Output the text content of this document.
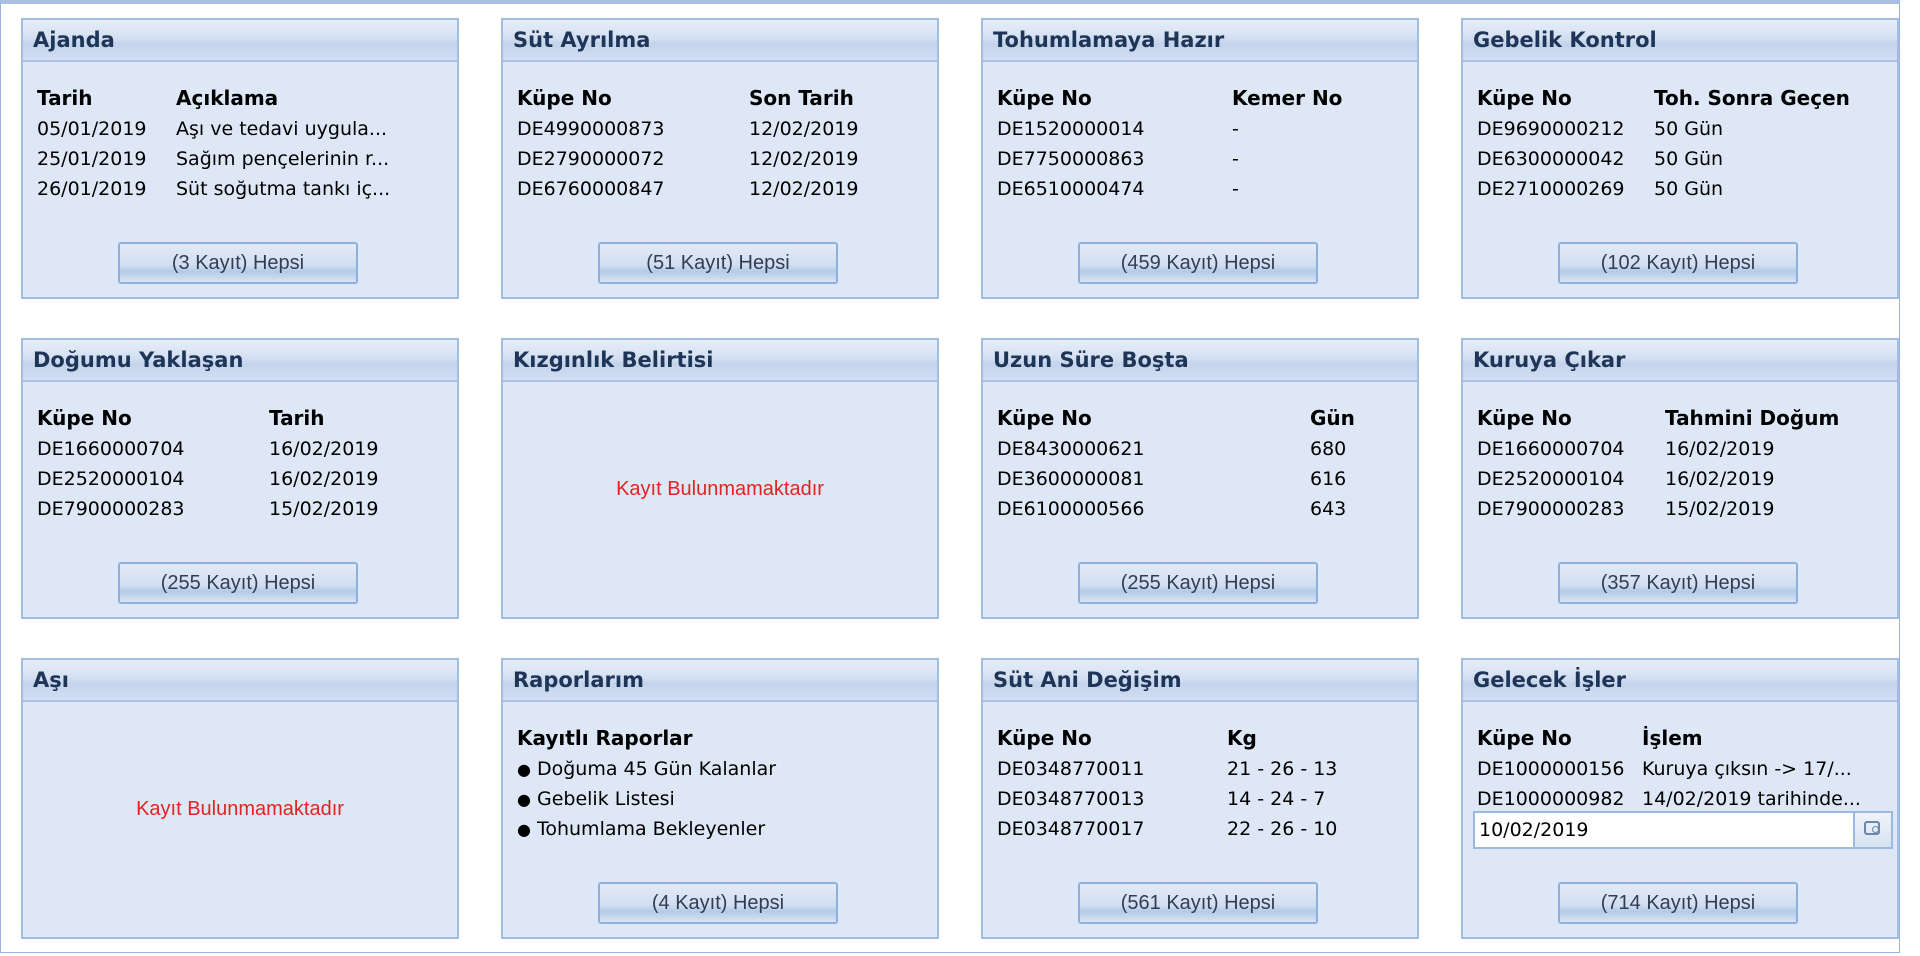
Ajanda
Tarih	Açıklama
05/01/2019	Aşı ve tedavi uygula...
25/01/2019	Sağım pençelerinin r...
26/01/2019	Süt soğutma tankı iç...
(3 Kayıt) Hepsi
Süt Ayrılma
Küpe No	Son Tarih
DE4990000873	12/02/2019
DE2790000072	12/02/2019
DE6760000847	12/02/2019
(51 Kayıt) Hepsi
Tohumlamaya Hazır
Küpe No	Kemer No
DE1520000014	-
DE7750000863	-
DE6510000474	-
(459 Kayıt) Hepsi
Gebelik Kontrol
Küpe No	Toh. Sonra Geçen
DE9690000212	50 Gün
DE6300000042	50 Gün
DE2710000269	50 Gün
(102 Kayıt) Hepsi
Doğumu Yaklaşan
Küpe No	Tarih
DE1660000704	16/02/2019
DE2520000104	16/02/2019
DE7900000283	15/02/2019
(255 Kayıt) Hepsi
Kızgınlık Belirtisi
Kayıt Bulunmamaktadır
Uzun Süre Boşta
Küpe No	Gün
DE8430000621	680
DE3600000081	616
DE6100000566	643
(255 Kayıt) Hepsi
Kuruya Çıkar
Küpe No	Tahmini Doğum
DE1660000704	16/02/2019
DE2520000104	16/02/2019
DE7900000283	15/02/2019
(357 Kayıt) Hepsi
Aşı
Kayıt Bulunmamaktadır
Raporlarım
Kayıtlı Raporlar
● Doğuma 45 Gün Kalanlar
● Gebelik Listesi
● Tohumlama Bekleyenler
(4 Kayıt) Hepsi
Süt Ani Değişim
Küpe No	Kg
DE0348770011	21 - 26 - 13
DE0348770013	14 - 24 - 7
DE0348770017	22 - 26 - 10
(561 Kayıt) Hepsi
Gelecek İşler
Küpe No	İşlem
DE1000000156	Kuruya çıksın -> 17/...
DE1000000982	14/02/2019 tarihinde...
10/02/2019
(714 Kayıt) Hepsi
